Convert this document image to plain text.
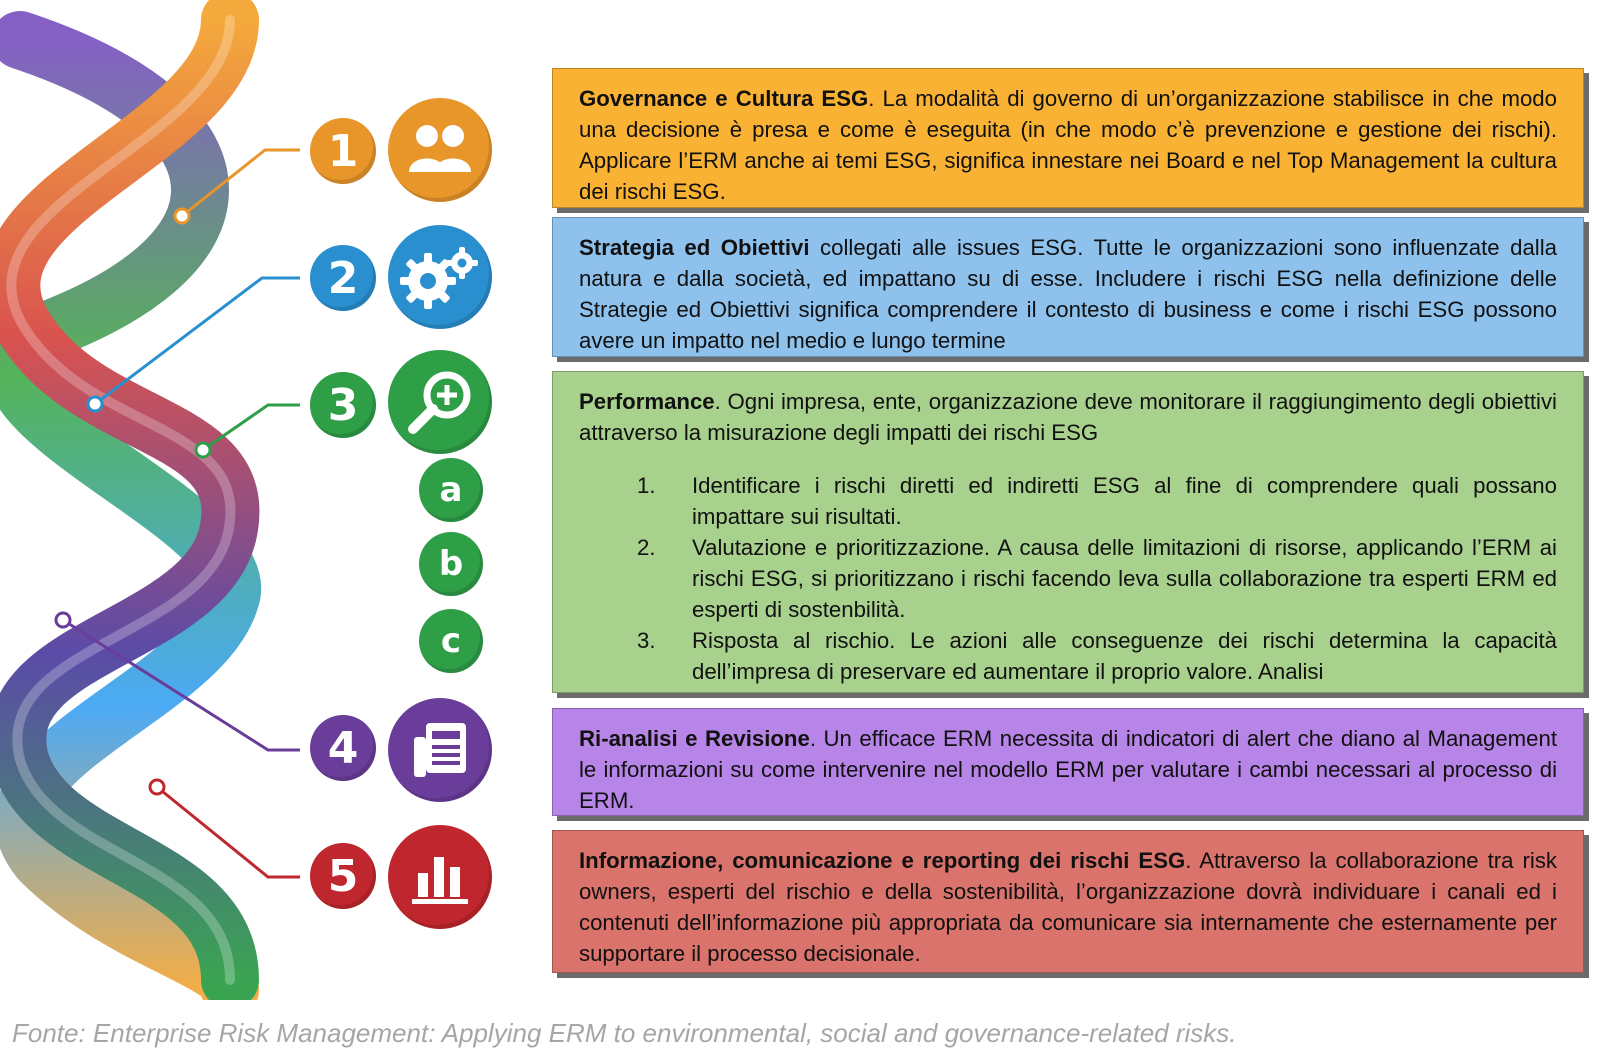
1
2
3
a
b
c
4
5

Governance e Cultura ESG. La modalità di governo di un’organizzazione stabilisce in che modo una decisione è presa e come è eseguita (in che modo c’è prevenzione e gestione dei rischi). Applicare l’ERM anche ai temi ESG, significa innestare nei Board e nel Top Management la cultura dei rischi ESG.

Strategia ed Obiettivi collegati alle issues ESG. Tutte le organizzazioni sono influenzate dalla natura e dalla società, ed impattano su di esse. Includere i rischi ESG nella definizione delle Strategie ed Obiettivi significa comprendere il contesto di business e come i rischi ESG possono avere un impatto nel medio e lungo termine

Performance. Ogni impresa, ente, organizzazione deve monitorare il raggiungimento degli obiettivi attraverso la misurazione degli impatti dei rischi ESG

1. Identificare i rischi diretti ed indiretti ESG al fine di comprendere quali possano impattare sui risultati.
2. Valutazione e prioritizzazione. A causa delle limitazioni di risorse, applicando l’ERM ai rischi ESG, si prioritizzano i rischi facendo leva sulla collaborazione tra esperti ERM ed esperti di sostenbilità.
3. Risposta al rischio. Le azioni alle conseguenze dei rischi determina la capacità dell’impresa di preservare ed aumentare il proprio valore. Analisi

Ri-analisi e Revisione. Un efficace ERM necessita di indicatori di alert che diano al Management le informazioni su come intervenire nel modello ERM per valutare i cambi necessari al processo di ERM.

Informazione, comunicazione e reporting dei rischi ESG. Attraverso la collaborazione tra risk owners, esperti del rischio e della sostenibilità, l’organizzazione dovrà individuare i canali ed i contenuti dell’informazione più appropriata da comunicare sia internamente che esternamente per supportare il processo decisionale.

Fonte: Enterprise Risk Management: Applying ERM to environmental, social and governance-related risks.
